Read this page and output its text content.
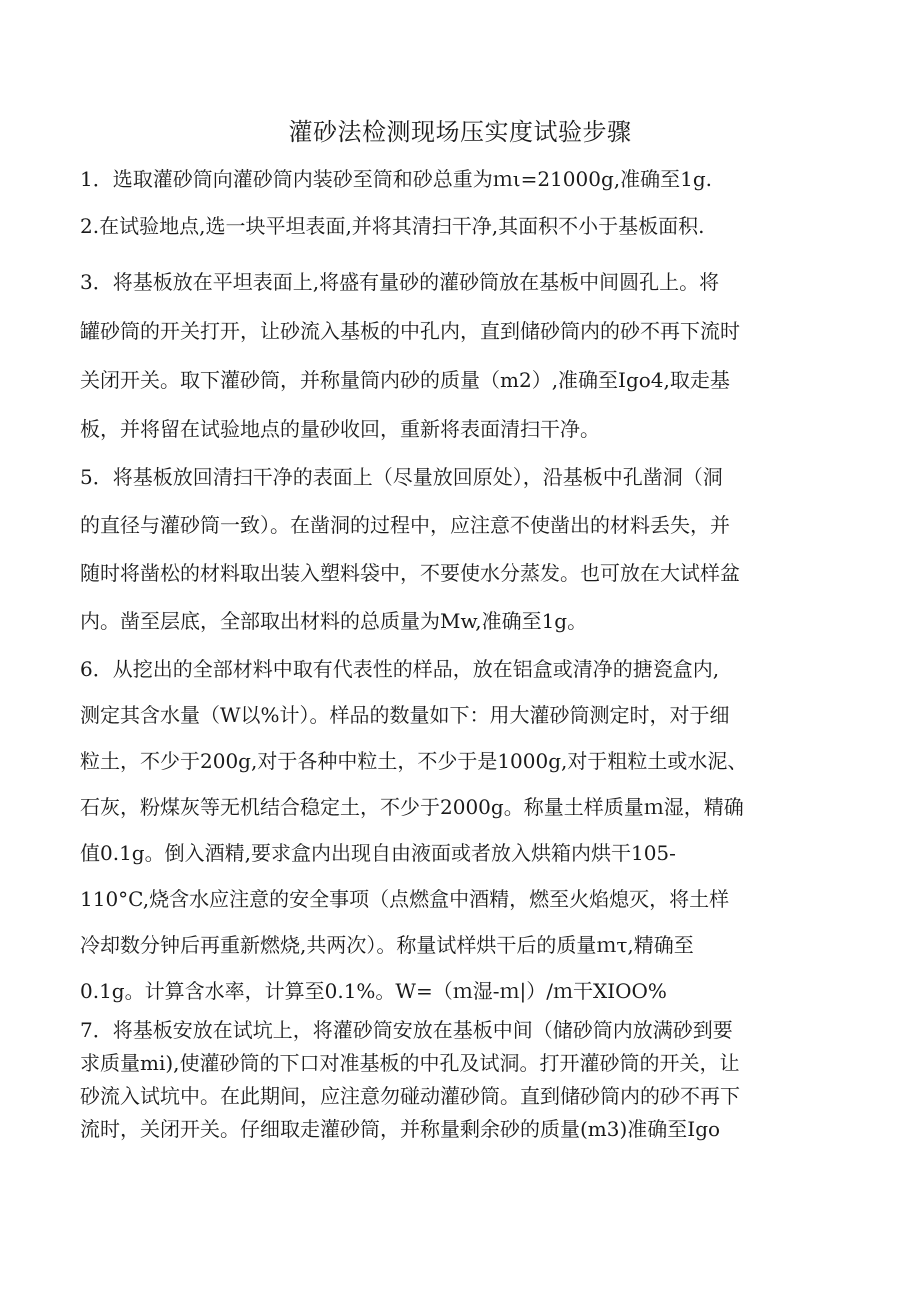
灌砂法检测现场压实度试验步骤
1．选取灌砂筒向灌砂筒内装砂至筒和砂总重为ｍι=21000g,准确至1g.
2.在试验地点,选一块平坦表面,并将其清扫干净,其面积不小于基板面积.
3．将基板放在平坦表面上,将盛有量砂的灌砂筒放在基板中间圆孔上。将
罐砂筒的开关打开，让砂流入基板的中孔内，直到储砂筒内的砂不再下流时
关闭开关。取下灌砂筒，并称量筒内砂的质量（m2）,准确至Igo4,取走基
板，并将留在试验地点的量砂收回，重新将表面清扫干净。
5．将基板放回清扫干净的表面上（尽量放回原处），沿基板中孔凿洞（洞
的直径与灌砂筒一致）。在凿洞的过程中，应注意不使凿出的材料丢失，并
随时将凿松的材料取出装入塑料袋中，不要使水分蒸发。也可放在大试样盆
内。凿至层底，全部取出材料的总质量为Mw,准确至1g。
6．从挖出的全部材料中取有代表性的样品，放在铝盒或清净的搪瓷盒内,
测定其含水量（W以%计）。样品的数量如下：用大灌砂筒测定时，对于细
粒土，不少于200g,对于各种中粒土，不少于是1000g,对于粗粒土或水泥、
石灰，粉煤灰等无机结合稳定土，不少于2000g。称量土样质量ｍ湿，精确
值0.1g。倒入酒精,要求盒内出现自由液面或者放入烘箱内烘干105-
110°C,烧含水应注意的安全事项（点燃盒中酒精，燃至火焰熄灭，将土样
冷却数分钟后再重新燃烧,共两次）。称量试样烘干后的质量ｍτ,精确至
0.1g。计算含水率，计算至0.1%。W=（ｍ湿-ｍ|）/ｍ干XIOO%
7．将基板安放在试坑上，将灌砂筒安放在基板中间（储砂筒内放满砂到要
求质量mi),使灌砂筒的下口对准基板的中孔及试洞。打开灌砂筒的开关，让
砂流入试坑中。在此期间，应注意勿碰动灌砂筒。直到储砂筒内的砂不再下
流时，关闭开关。仔细取走灌砂筒，并称量剩余砂的质量(m3)准确至Igo
